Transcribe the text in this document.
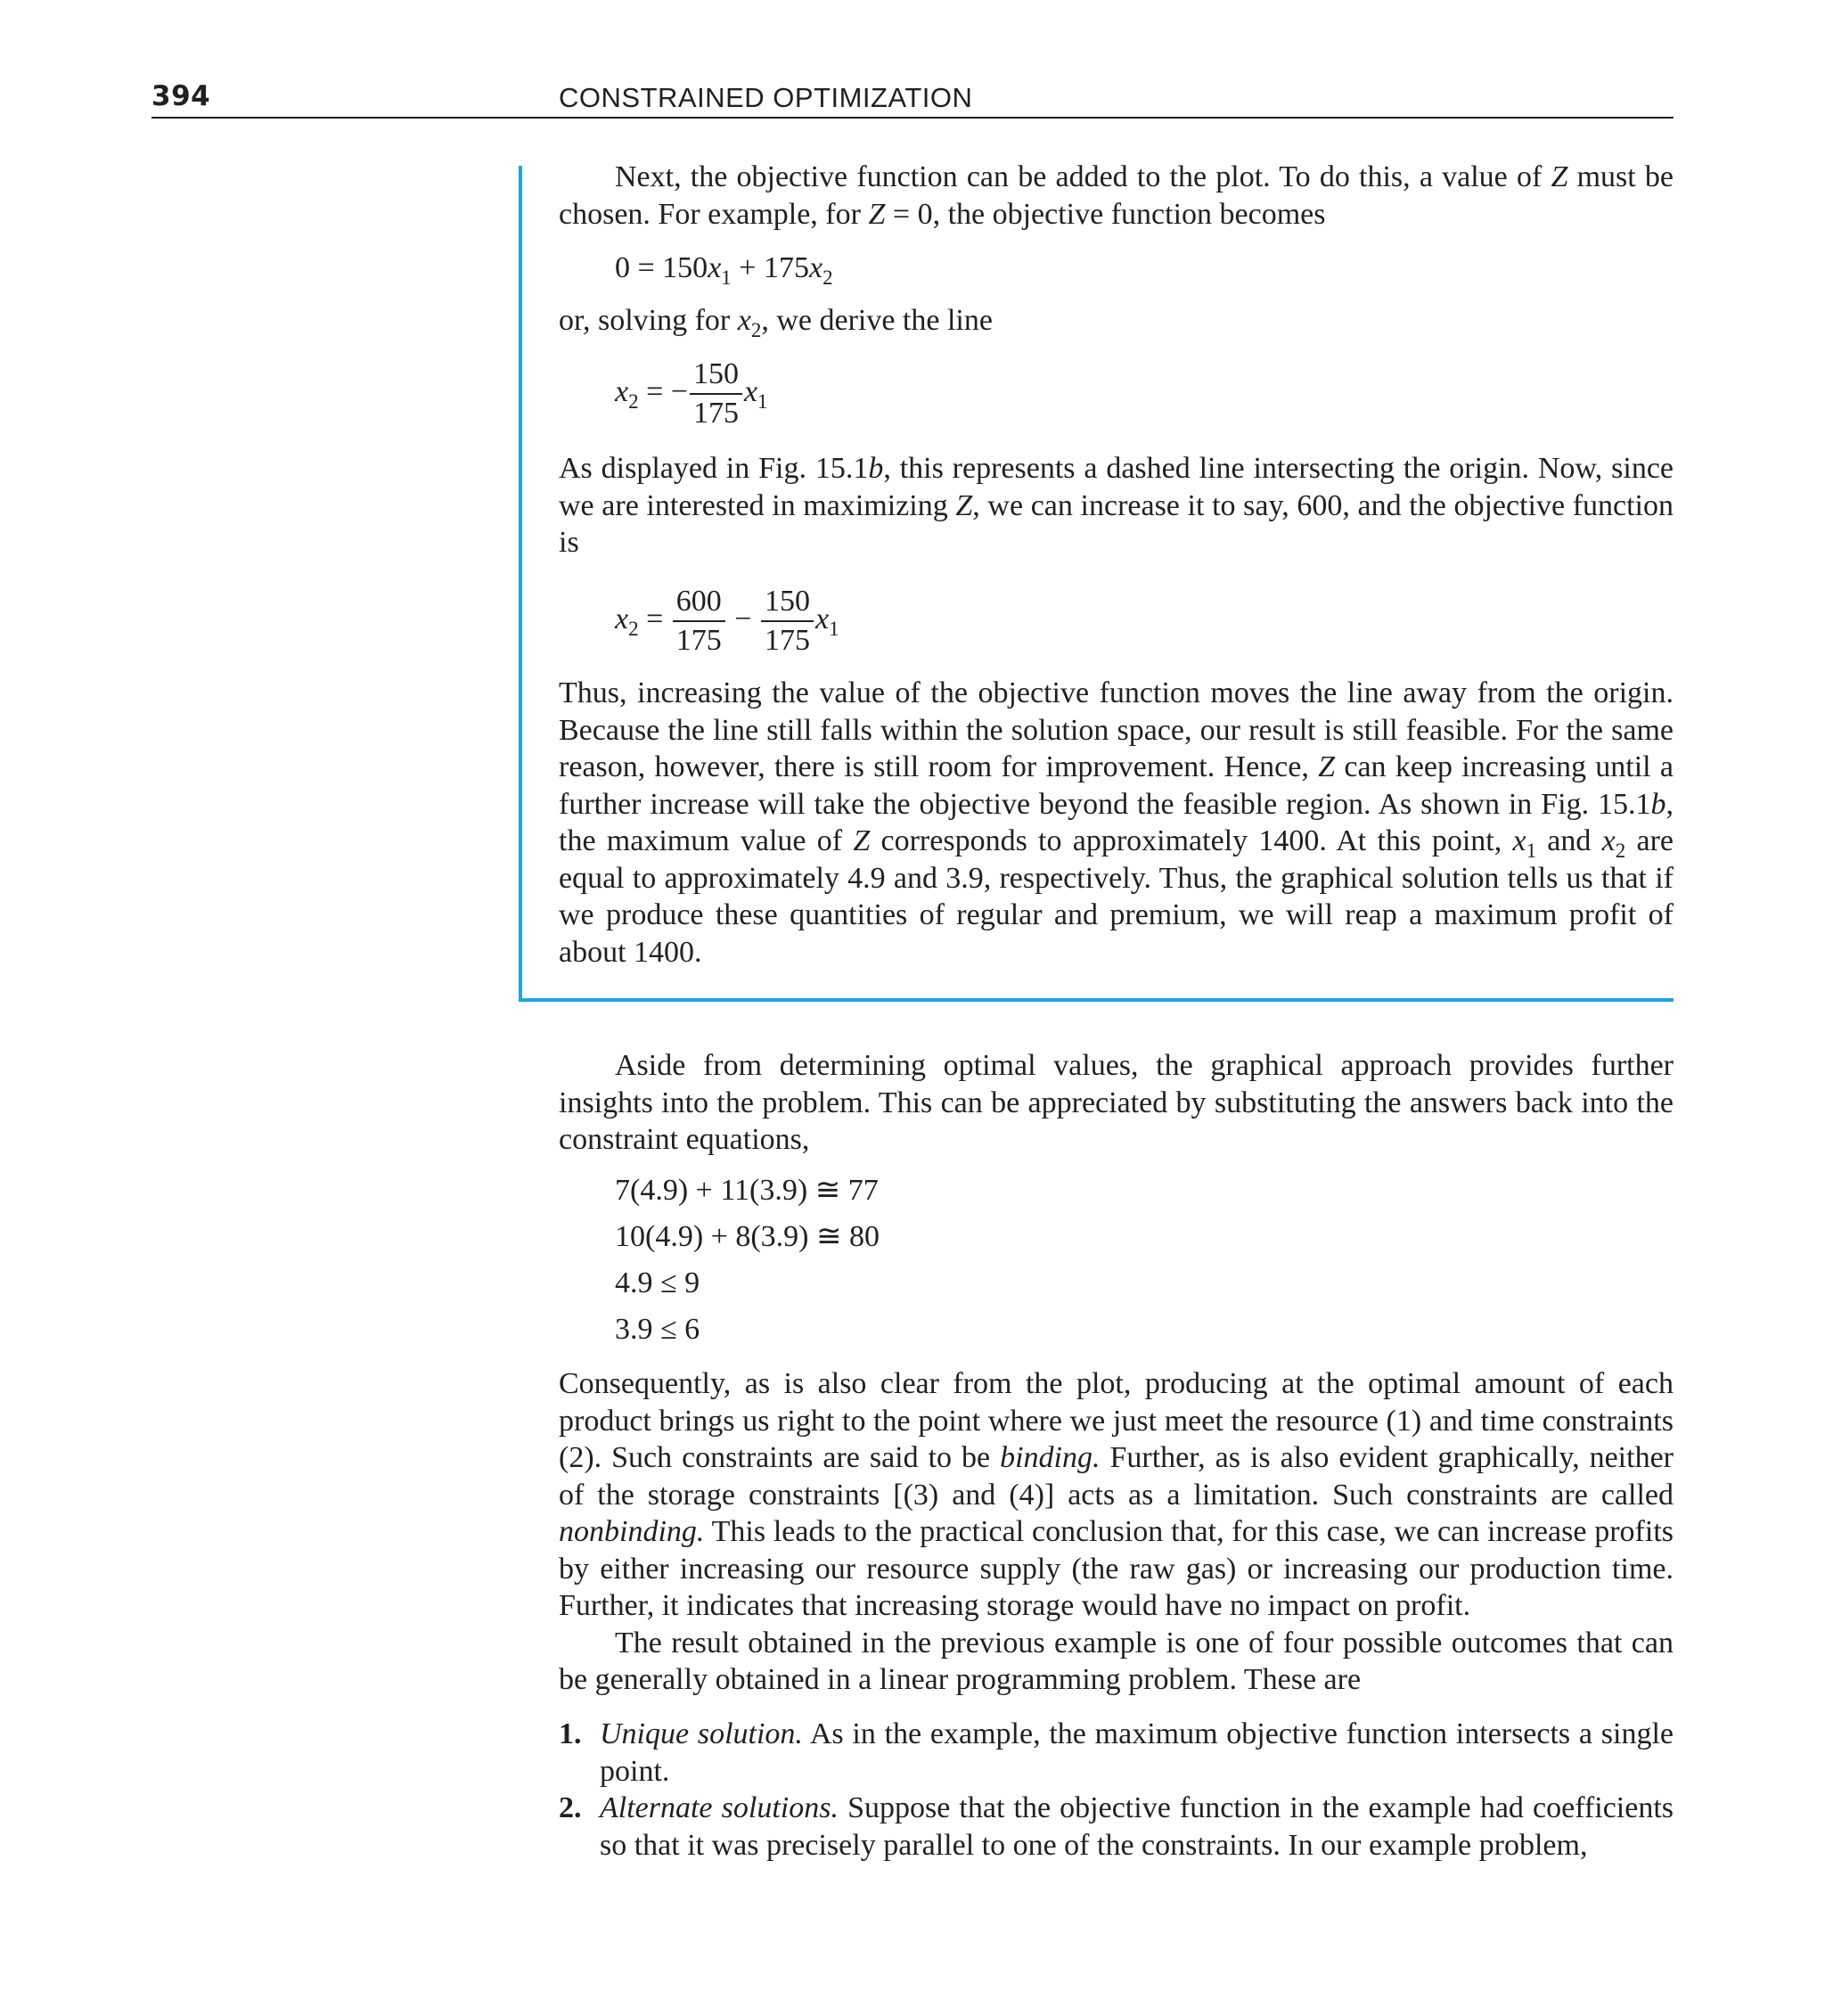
394	CONSTRAINED OPTIMIZATION

Next, the objective function can be added to the plot. To do this, a value of Z must be chosen. For example, for Z = 0, the objective function becomes

$0 = 150x_1 + 175x_2$

or, solving for $x_2$, we derive the line

$x_2$ = − $\frac{150}{175} x_1$

As displayed in Fig. 15.1b, this represents a dashed line intersecting the origin. Now, since we are interested in maximizing Z, we can increase it to say, 600, and the objective function is

$x_2 = \frac{600}{175} - \frac{150}{175} x_1$

Thus, increasing the value of the objective function moves the line away from the origin. Because the line still falls within the solution space, our result is still feasible. For the same reason, however, there is still room for improvement. Hence, Z can keep increasing until a further increase will take the objective beyond the feasible region. As shown in Fig. 15.1b, the maximum value of Z corresponds to approximately 1400. At this point, $x_1$ and $x_2$ are equal to approximately 4.9 and 3.9, respectively. Thus, the graphical solution tells us that if we produce these quantities of regular and premium, we will reap a maximum profit of about 1400.

Aside from determining optimal values, the graphical approach provides further insights into the problem. This can be appreciated by substituting the answers back into the constraint equations,

7(4.9) + 11(3.9) ≅ 77
10(4.9) + 8(3.9) ≅ 80
4.9 ≤ 9
3.9 ≤ 6

Consequently, as is also clear from the plot, producing at the optimal amount of each product brings us right to the point where we just meet the resource (1) and time constraints (2). Such constraints are said to be binding. Further, as is also evident graphically, neither of the storage constraints [(3) and (4)] acts as a limitation. Such constraints are called nonbinding. This leads to the practical conclusion that, for this case, we can increase profits by either increasing our resource supply (the raw gas) or increasing our production time. Further, it indicates that increasing storage would have no impact on profit.

The result obtained in the previous example is one of four possible outcomes that can be generally obtained in a linear programming problem. These are

1. Unique solution. As in the example, the maximum objective function intersects a single point.
2. Alternate solutions. Suppose that the objective function in the example had coefficients so that it was precisely parallel to one of the constraints. In our example problem,
